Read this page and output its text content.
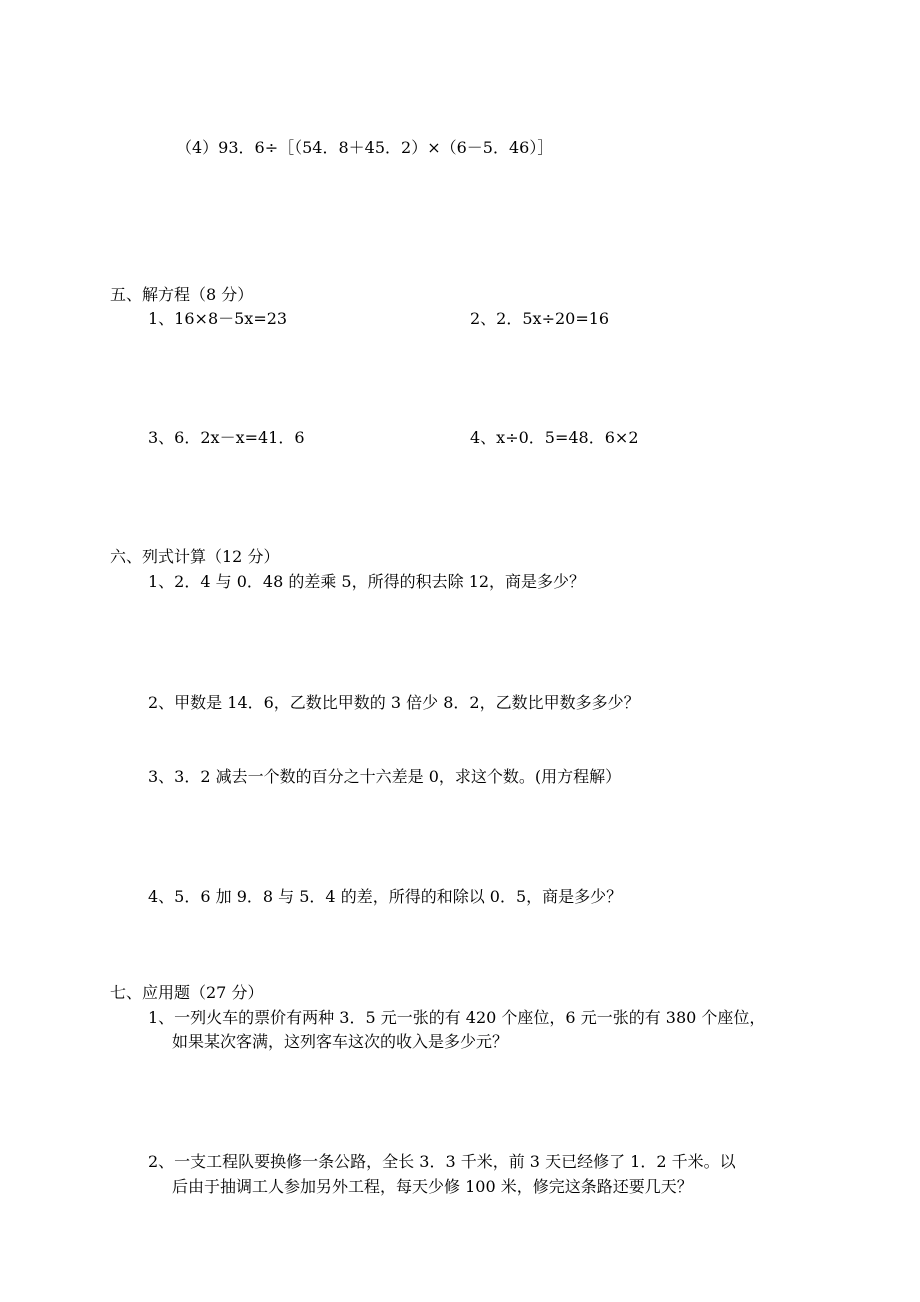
（4）93．6÷［（54．8＋45．2）×（6－5．46）］
五、解方程（8 分）
1、16×8－5x=23	2、2．5x÷20=16
3、6．2x－x=41．6	4、x÷0．5=48．6×2
六、列式计算（12 分）
1、2．4 与 0．48 的差乘 5，所得的积去除 12，商是多少？
2、甲数是 14．6，乙数比甲数的 3 倍少 8．2，乙数比甲数多多少？
3、3．2 减去一个数的百分之十六差是 0，求这个数。(用方程解）
4、5．6 加 9．8 与 5．4 的差，所得的和除以 0．5，商是多少？
七、应用题（27 分）
1、一列火车的票价有两种 3．5 元一张的有 420 个座位，6 元一张的有 380 个座位，
如果某次客满，这列客车这次的收入是多少元？
2、一支工程队要换修一条公路，全长 3．3 千米，前 3 天已经修了 1．2 千米。以
后由于抽调工人参加另外工程，每天少修 100 米，修完这条路还要几天？
